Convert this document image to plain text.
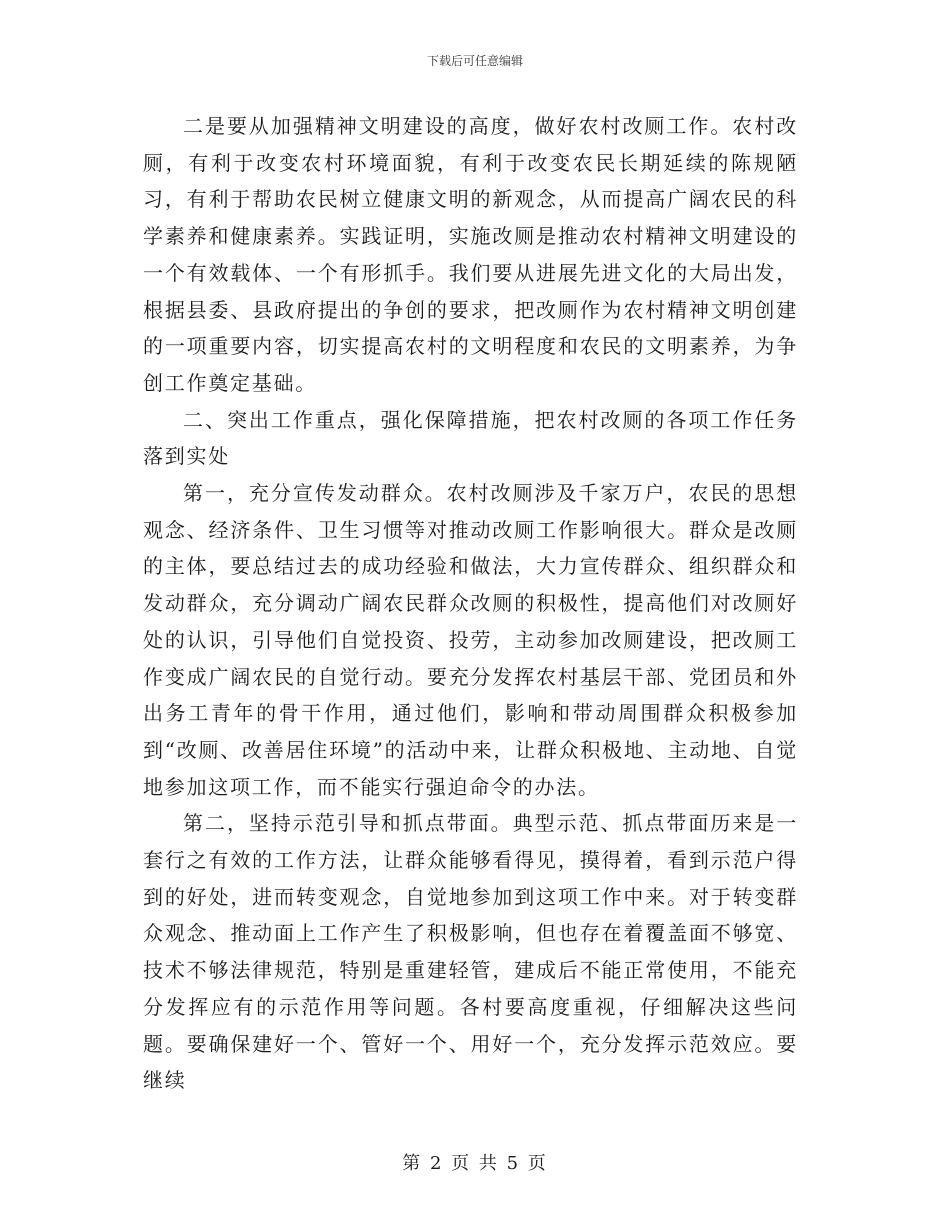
下载后可任意编辑

二是要从加强精神文明建设的高度，做好农村改厕工作。农村改厕，有利于改变农村环境面貌，有利于改变农民长期延续的陈规陋习，有利于帮助农民树立健康文明的新观念，从而提高广阔农民的科学素养和健康素养。实践证明，实施改厕是推动农村精神文明建设的一个有效载体、一个有形抓手。我们要从进展先进文化的大局出发，根据县委、县政府提出的争创的要求，把改厕作为农村精神文明创建的一项重要内容，切实提高农村的文明程度和农民的文明素养，为争创工作奠定基础。

二、突出工作重点，强化保障措施，把农村改厕的各项工作任务落到实处

第一，充分宣传发动群众。农村改厕涉及千家万户，农民的思想观念、经济条件、卫生习惯等对推动改厕工作影响很大。群众是改厕的主体，要总结过去的成功经验和做法，大力宣传群众、组织群众和发动群众，充分调动广阔农民群众改厕的积极性，提高他们对改厕好处的认识，引导他们自觉投资、投劳，主动参加改厕建设，把改厕工作变成广阔农民的自觉行动。要充分发挥农村基层干部、党团员和外出务工青年的骨干作用，通过他们，影响和带动周围群众积极参加到“改厕、改善居住环境”的活动中来，让群众积极地、主动地、自觉地参加这项工作，而不能实行强迫命令的办法。

第二，坚持示范引导和抓点带面。典型示范、抓点带面历来是一套行之有效的工作方法，让群众能够看得见，摸得着，看到示范户得到的好处，进而转变观念，自觉地参加到这项工作中来。对于转变群众观念、推动面上工作产生了积极影响，但也存在着覆盖面不够宽、技术不够法律规范，特别是重建轻管，建成后不能正常使用，不能充分发挥应有的示范作用等问题。各村要高度重视，仔细解决这些问题。要确保建好一个、管好一个、用好一个，充分发挥示范效应。要继续

第 2 页 共 5 页
